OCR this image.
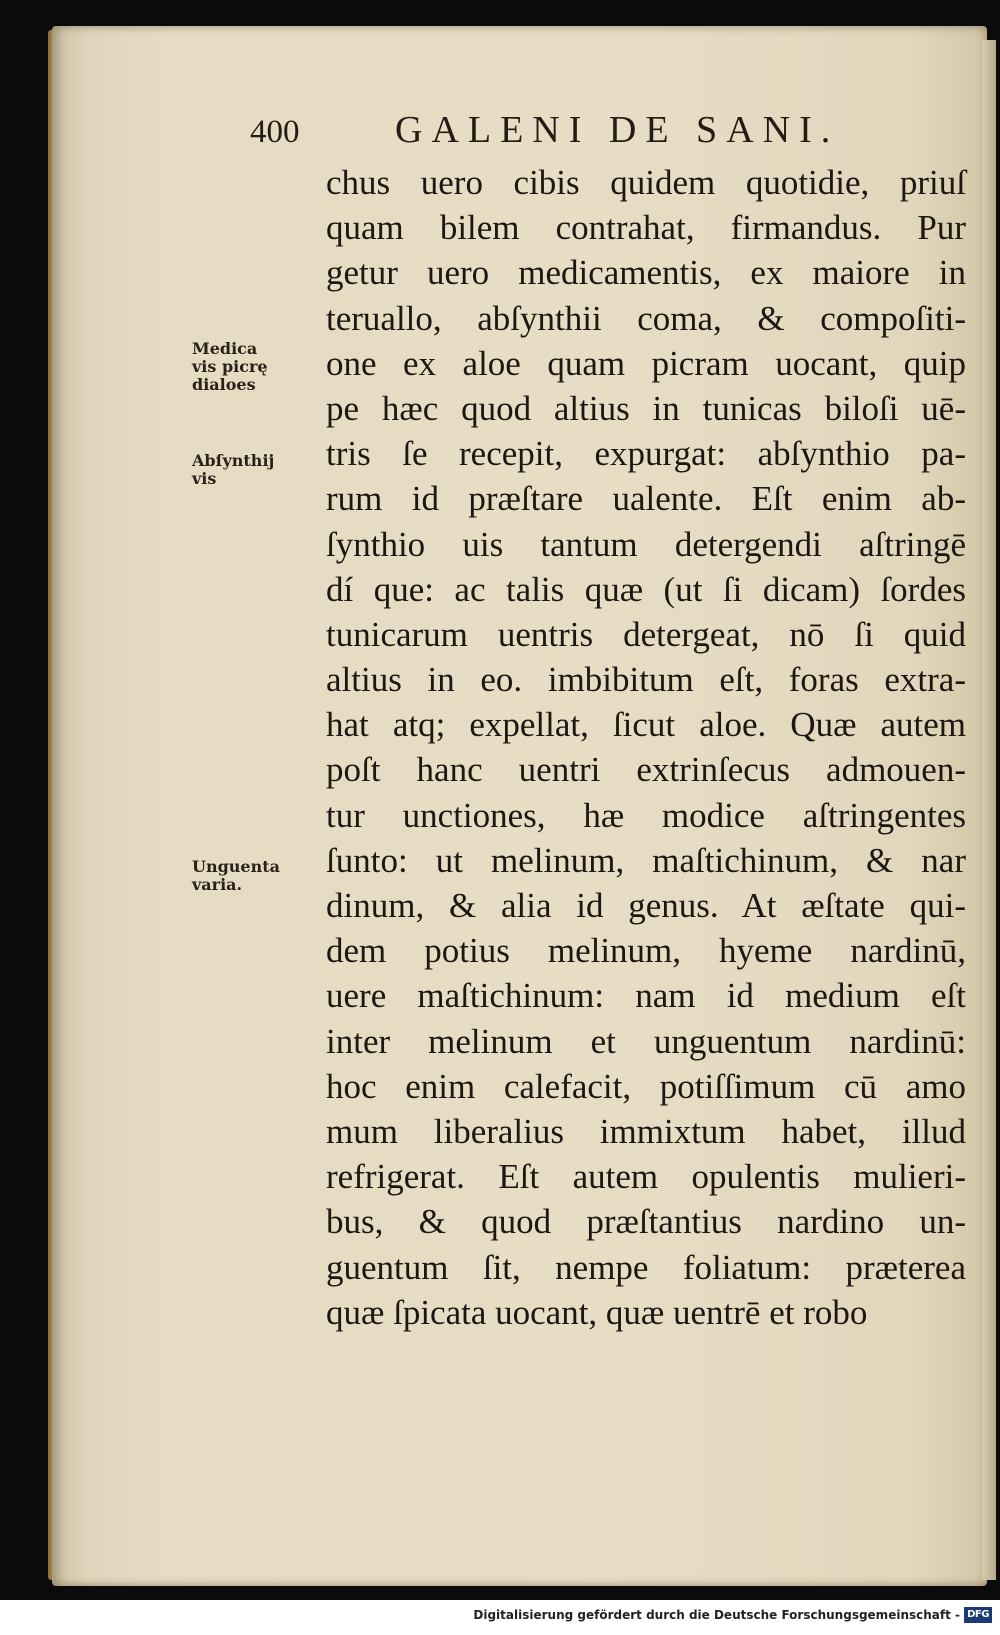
400	GALENI DE SANI.
chus uero cibis quidem quotidie, priuſ
quam bilem contrahat, firmandus. Pur
getur uero medicamentis, ex maiore in
teruallo, abſynthii coma, & compoſiti-
one ex aloe quam picram uocant, quip
pe hæc quod altius in tunicas biloſi uē-
tris ſe recepit, expurgat: abſynthio pa-
rum id præſtare ualente. Eſt enim ab-
ſynthio uis tantum detergendi aſtringē
dí que: ac talis quæ (ut ſi dicam) ſordes
tunicarum uentris detergeat, nō ſi quid
altius in eo. imbibitum eſt, foras extra-
hat atq; expellat, ſicut aloe. Quæ autem
poſt hanc uentri extrinſecus admouen-
tur unctiones, hæ modice aſtringentes
ſunto: ut melinum, maſtichinum, & nar
dinum, & alia id genus. At æſtate qui-
dem potius melinum, hyeme nardinū,
uere maſtichinum: nam id medium eſt
inter melinum et unguentum nardinū:
hoc enim calefacit, potiſſimum cū amo
mum liberalius immixtum habet, illud
refrigerat. Eſt autem opulentis mulieri-
bus, & quod præſtantius nardino un-
guentum ſit, nempe foliatum: præterea
quæ ſpicata uocant, quæ uentrē et robo
Medica
vis picrę
dialoes
Abſynthij
vis
Unguenta
varia.
Digitalisierung gefördert durch die Deutsche Forschungsgemeinschaft - DFG
